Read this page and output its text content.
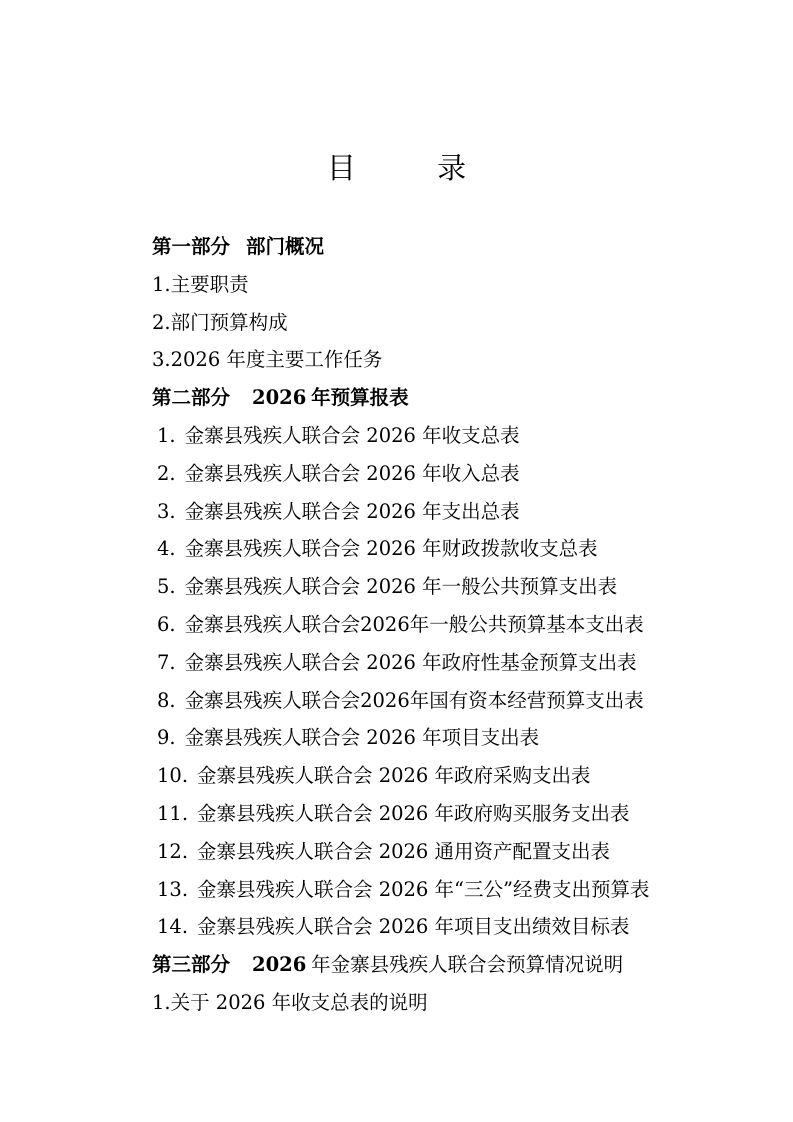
目　录
第一部分 部门概况
1.主要职责
2.部门预算构成
3.2026 年度主要工作任务
第二部分 2026  年预算报表
1. 金寨县残疾人联合会 2026 年收支总表
2. 金寨县残疾人联合会 2026 年收入总表
3. 金寨县残疾人联合会 2026 年支出总表
4. 金寨县残疾人联合会 2026 年财政拨款收支总表
5. 金寨县残疾人联合会 2026 年一般公共预算支出表
6. 金寨县残疾人联合会2026年一般公共预算基本支出表
7. 金寨县残疾人联合会 2026 年政府性基金预算支出表
8. 金寨县残疾人联合会2026年国有资本经营预算支出表
9. 金寨县残疾人联合会 2026 年项目支出表
10. 金寨县残疾人联合会 2026 年政府采购支出表
11. 金寨县残疾人联合会 2026 年政府购买服务支出表
12. 金寨县残疾人联合会 2026 通用资产配置支出表
13. 金寨县残疾人联合会 2026 年“三公”经费支出预算表
14. 金寨县残疾人联合会 2026 年项目支出绩效目标表
第三部分 2026  年金寨县残疾人联合会预算情况说明
1.关于 2026 年收支总表的说明
